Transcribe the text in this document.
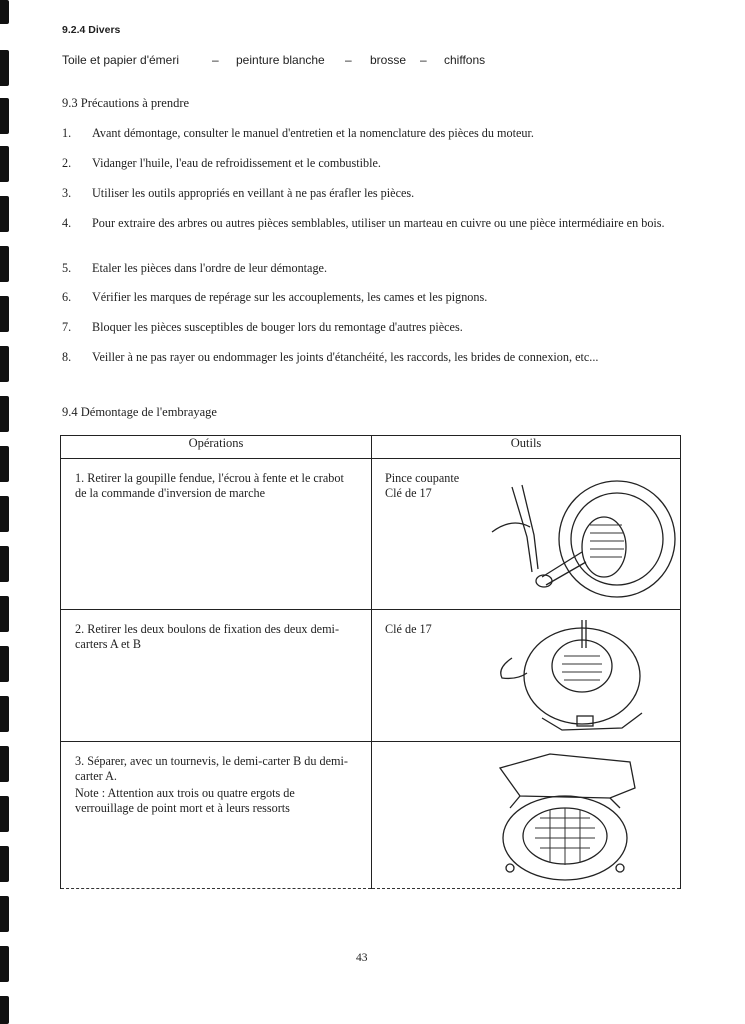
9.2.4 Divers
Toile et papier d'émeri	– peinture blanche – brosse – chiffons
9.3 Précautions à prendre
1. Avant démontage, consulter le manuel d'entretien et la nomenclature des pièces du moteur.
2. Vidanger l'huile, l'eau de refroidissement et le combustible.
3. Utiliser les outils appropriés en veillant à ne pas érafler les pièces.
4. Pour extraire des arbres ou autres pièces semblables, utiliser un marteau en cuivre ou une pièce intermédiaire en bois.
5. Etaler les pièces dans l'ordre de leur démontage.
6. Vérifier les marques de repérage sur les accouplements, les cames et les pignons.
7. Bloquer les pièces susceptibles de bouger lors du remontage d'autres pièces.
8. Veiller à ne pas rayer ou endommager les joints d'étanchéité, les raccords, les brides de connexion, etc...
9.4 Démontage de l'embrayage
Opérations	Outils

1. Retirer la goupille fendue, l'écrou à fente et le crabot de la commande d'inversion de marche	Pince coupante
Clé de 17

2. Retirer les deux boulons de fixation des deux demi-carters A et B	Clé de 17

3. Séparer, avec un tournevis, le demi-carter B du demi-carter A.
Note : Attention aux trois ou quatre ergots de verrouillage de point mort et à leurs ressorts

43
